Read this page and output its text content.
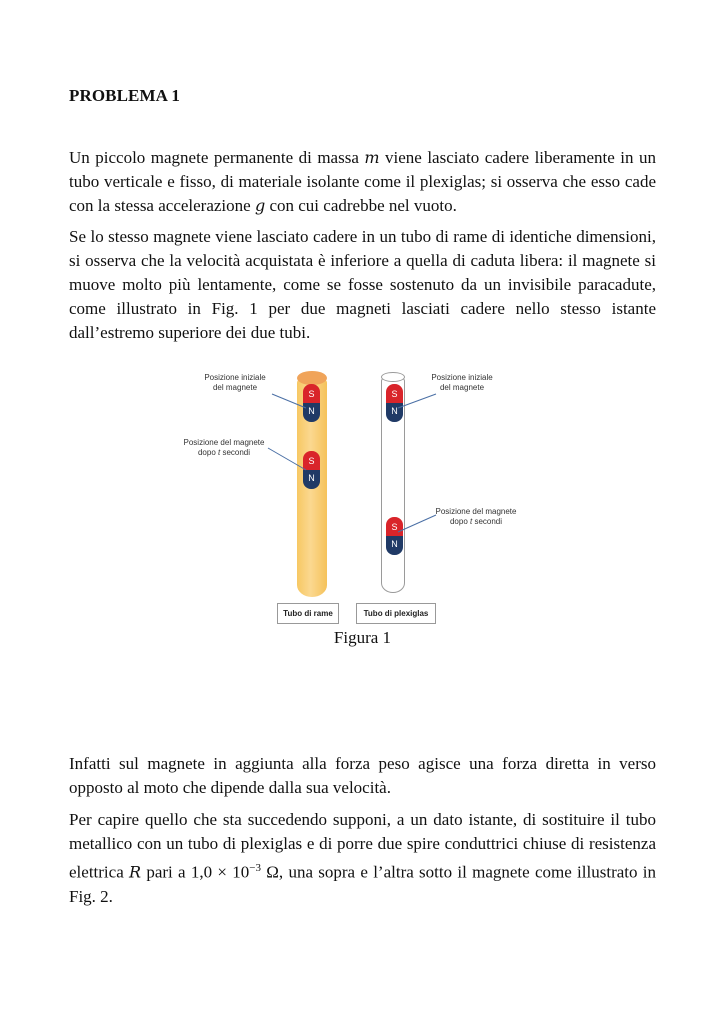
PROBLEMA 1

Un piccolo magnete permanente di massa m viene lasciato cadere liberamente in un tubo verticale e fisso, di materiale isolante come il plexiglas; si osserva che esso cade con la stessa accelerazione g con cui cadrebbe nel vuoto.

Se lo stesso magnete viene lasciato cadere in un tubo di rame di identiche dimensioni, si osserva che la velocità acquistata è inferiore a quella di caduta libera: il magnete si muove molto più lentamente, come se fosse sostenuto da un invisibile paracadute, come illustrato in Fig. 1 per due magneti lasciati cadere nello stesso istante dall’estremo superiore dei due tubi.

S
N
S
N
S
N
S
N
Posizione iniziale
del magnete
Posizione del magnete
dopo t secondi
Posizione iniziale
del magnete
Posizione del magnete
dopo t secondi
Tubo di rame	Tubo di plexiglas
Figura 1

Infatti sul magnete in aggiunta alla forza peso agisce una forza diretta in verso opposto al moto che dipende dalla sua velocità.

Per capire quello che sta succedendo supponi, a un dato istante, di sostituire il tubo metallico con un tubo di plexiglas e di porre due spire conduttrici chiuse di resistenza elettrica R pari a $1,0 \times 10^{-3}$ Ω, una sopra e l’altra sotto il magnete come illustrato in Fig. 2.
